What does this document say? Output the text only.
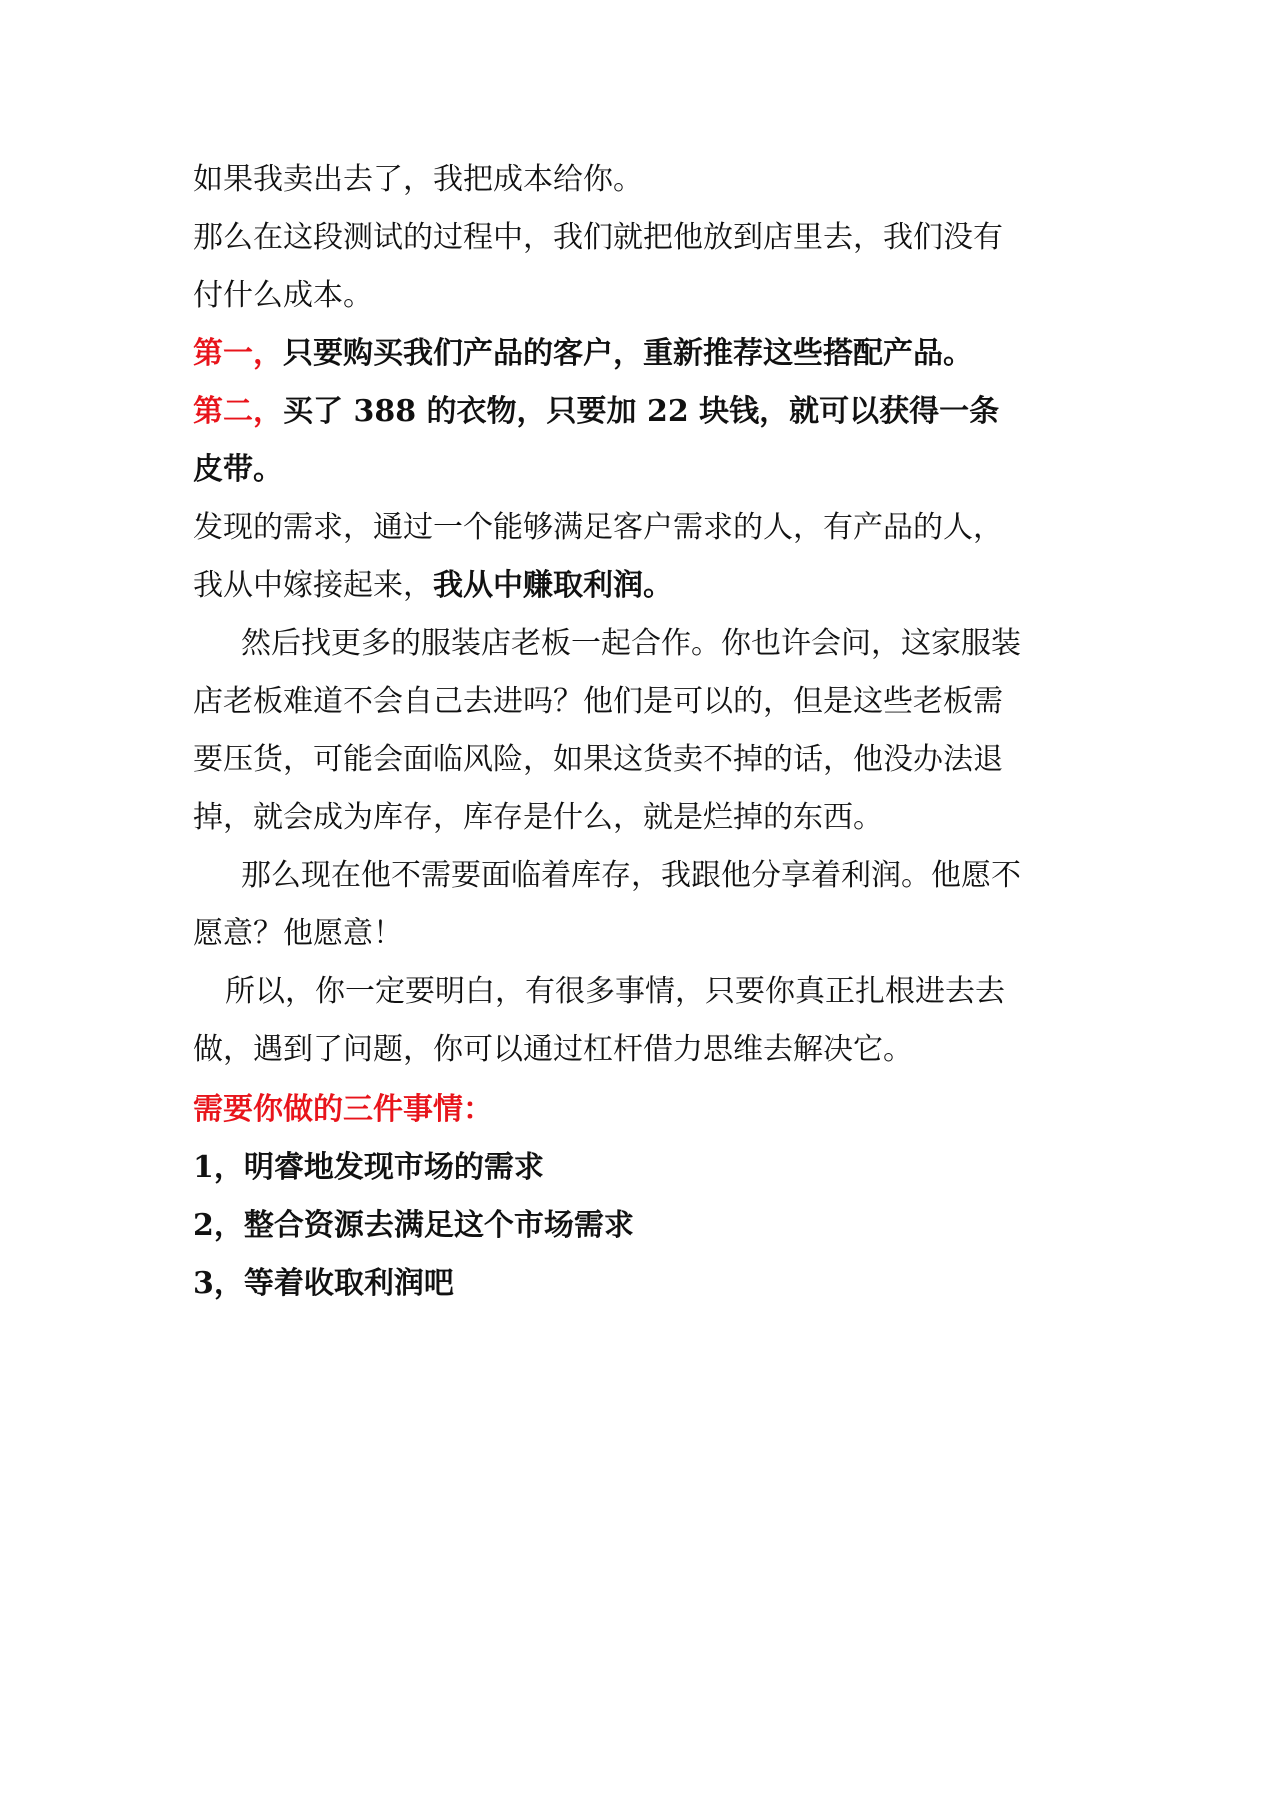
如果我卖出去了，我把成本给你。

那么在这段测试的过程中，我们就把他放到店里去，我们没有

付什么成本。

第一，只要购买我们产品的客户，重新推荐这些搭配产品。

第二，买了 388 的衣物，只要加 22 块钱，就可以获得一条

皮带。

发现的需求，通过一个能够满足客户需求的人，有产品的人，

我从中嫁接起来，我从中赚取利润。

然后找更多的服装店老板一起合作。你也许会问，这家服装

店老板难道不会自己去进吗？他们是可以的，但是这些老板需

要压货，可能会面临风险，如果这货卖不掉的话，他没办法退

掉，就会成为库存，库存是什么，就是烂掉的东西。

那么现在他不需要面临着库存，我跟他分享着利润。他愿不

愿意？他愿意！

所以，你一定要明白，有很多事情，只要你真正扎根进去去

做，遇到了问题，你可以通过杠杆借力思维去解决它。

需要你做的三件事情：

1，明睿地发现市场的需求

2，整合资源去满足这个市场需求

3，等着收取利润吧
